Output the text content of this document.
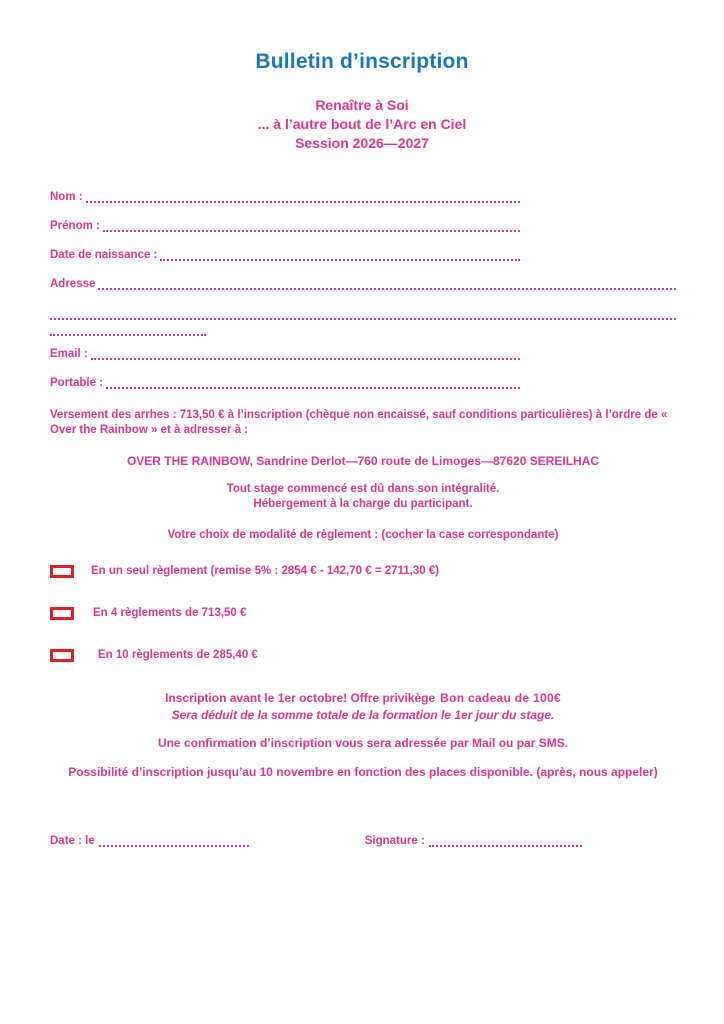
Bulletin d’inscription
Renaître à Soi
... à l’autre bout de l’Arc en Ciel
Session 2026—2027
Nom :
Prénom :
Date de naissance :
Adresse
Email :
Portable :

Versement des arrhes : 713,50 € à l’inscription (chèque non encaissé, sauf conditions particulières) à l’ordre de « Over the Rainbow » et à adresser à :

OVER THE RAINBOW, Sandrine Derlot—760 route de Limoges—87620 SEREILHAC
Tout stage commencé est dû dans son intégralité.
Hébergement à la charge du participant.
Votre choix de modalité de règlement : (cocher la case correspondante)
En un seul règlement (remise 5% : 2854 € - 142,70 € = 2711,30 €)
En 4 règlements de 713,50 €
En 10 règlements de 285,40 €
Inscription avant le 1er octobre! Offre privikège Bon cadeau de 100€
Sera déduit de la somme totale de la formation le 1er jour du stage.
Une confirmation d’inscription vous sera adressée par Mail ou par SMS.
Possibilité d’inscription jusqu’au 10 novembre en fonction des places disponible. (après, nous appeler)
Date : le	Signature :
